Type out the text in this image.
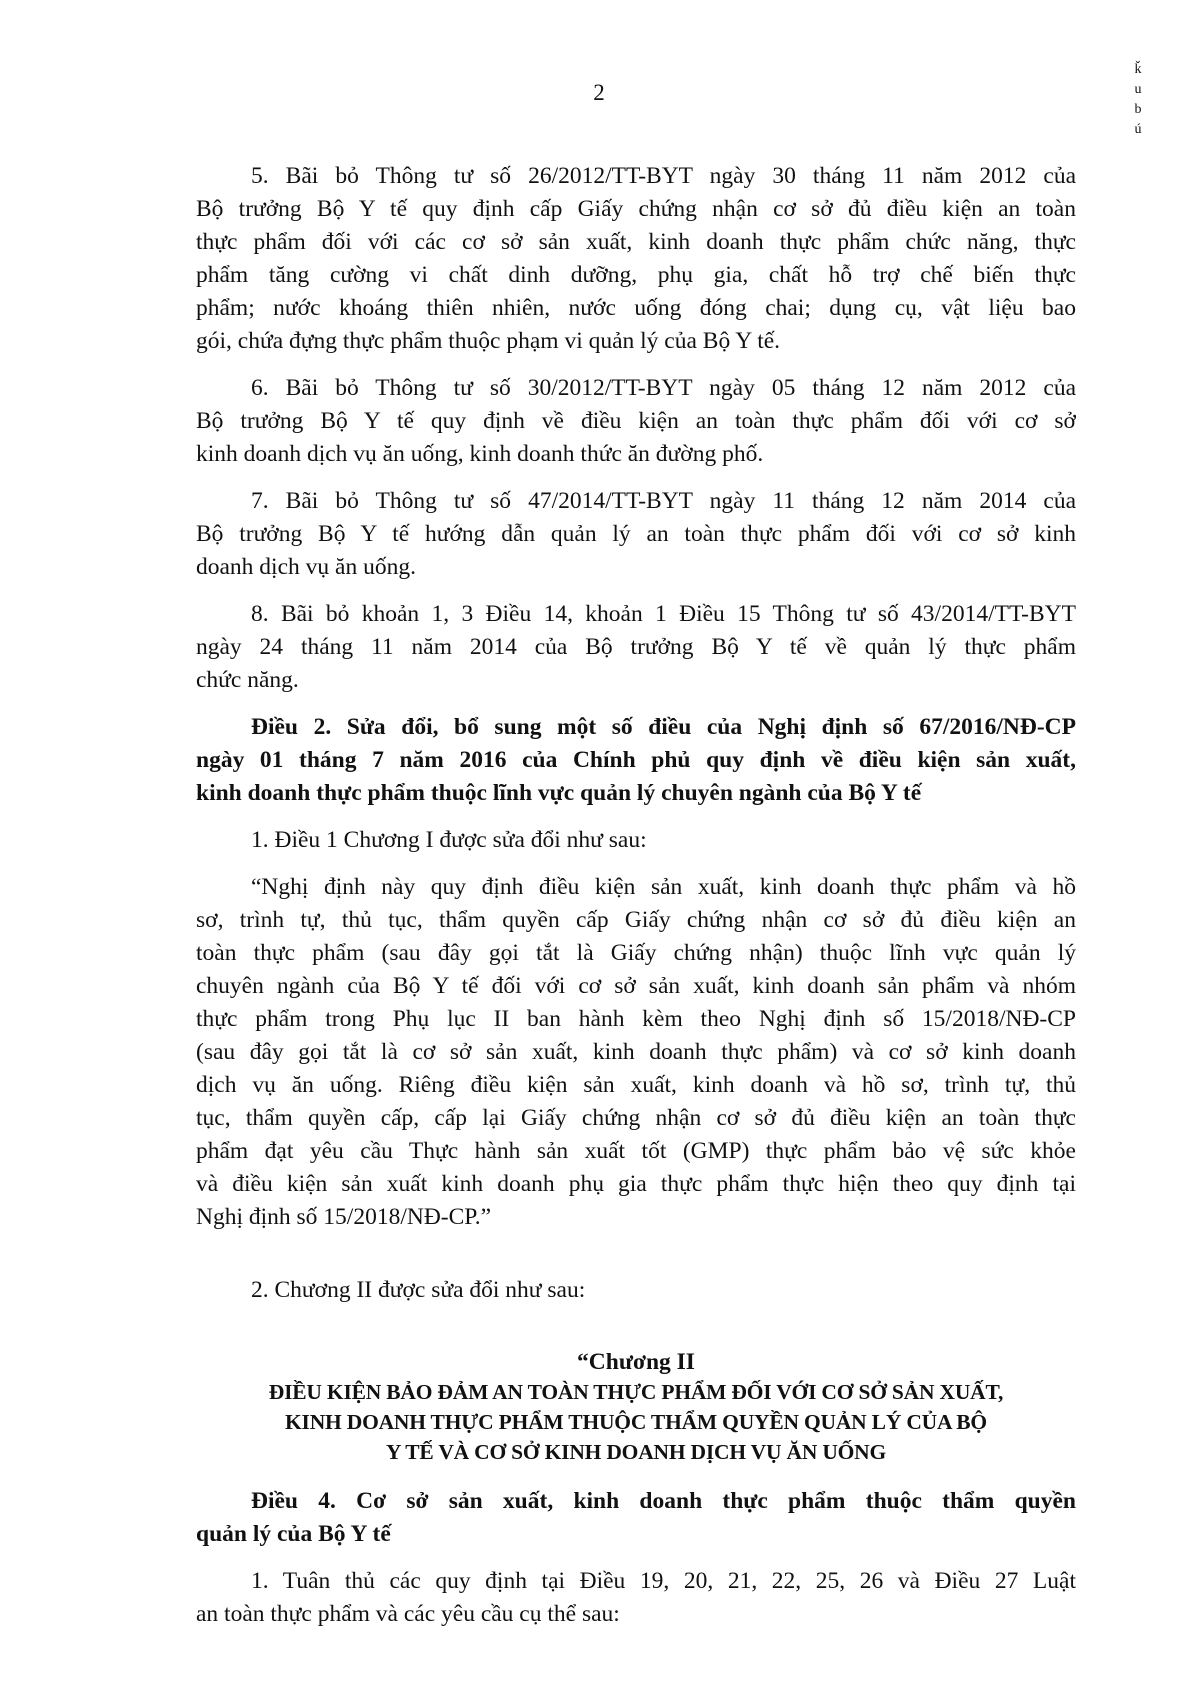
2
ǩ
u
b
ú
5. Bãi bỏ Thông tư số 26/2012/TT-BYT ngày 30 tháng 11 năm 2012 của
Bộ trưởng Bộ Y tế quy định cấp Giấy chứng nhận cơ sở đủ điều kiện an toàn
thực phẩm đối với các cơ sở sản xuất, kinh doanh thực phẩm chức năng, thực
phẩm tăng cường vi chất dinh dưỡng, phụ gia, chất hỗ trợ chế biến thực
phẩm; nước khoáng thiên nhiên, nước uống đóng chai; dụng cụ, vật liệu bao
gói, chứa đựng thực phẩm thuộc phạm vi quản lý của Bộ Y tế.
6. Bãi bỏ Thông tư số 30/2012/TT-BYT ngày 05 tháng 12 năm 2012 của
Bộ trưởng Bộ Y tế quy định về điều kiện an toàn thực phẩm đối với cơ sở
kinh doanh dịch vụ ăn uống, kinh doanh thức ăn đường phố.
7. Bãi bỏ Thông tư số 47/2014/TT-BYT ngày 11 tháng 12 năm 2014 của
Bộ trưởng Bộ Y tế hướng dẫn quản lý an toàn thực phẩm đối với cơ sở kinh
doanh dịch vụ ăn uống.
8. Bãi bỏ khoản 1, 3 Điều 14, khoản 1 Điều 15 Thông tư số 43/2014/TT-BYT
ngày 24 tháng 11 năm 2014 của Bộ trưởng Bộ Y tế về quản lý thực phẩm
chức năng.
Điều 2. Sửa đổi, bổ sung một số điều của Nghị định số 67/2016/NĐ-CP
ngày 01 tháng 7 năm 2016 của Chính phủ quy định về điều kiện sản xuất,
kinh doanh thực phẩm thuộc lĩnh vực quản lý chuyên ngành của Bộ Y tế
1. Điều 1 Chương I được sửa đổi như sau:
“Nghị định này quy định điều kiện sản xuất, kinh doanh thực phẩm và hồ
sơ, trình tự, thủ tục, thẩm quyền cấp Giấy chứng nhận cơ sở đủ điều kiện an
toàn thực phẩm (sau đây gọi tắt là Giấy chứng nhận) thuộc lĩnh vực quản lý
chuyên ngành của Bộ Y tế đối với cơ sở sản xuất, kinh doanh sản phẩm và nhóm
thực phẩm trong Phụ lục II ban hành kèm theo Nghị định số 15/2018/NĐ-CP
(sau đây gọi tắt là cơ sở sản xuất, kinh doanh thực phẩm) và cơ sở kinh doanh
dịch vụ ăn uống. Riêng điều kiện sản xuất, kinh doanh và hồ sơ, trình tự, thủ
tục, thẩm quyền cấp, cấp lại Giấy chứng nhận cơ sở đủ điều kiện an toàn thực
phẩm đạt yêu cầu Thực hành sản xuất tốt (GMP) thực phẩm bảo vệ sức khỏe
và điều kiện sản xuất kinh doanh phụ gia thực phẩm thực hiện theo quy định tại
Nghị định số 15/2018/NĐ-CP.”
2. Chương II được sửa đổi như sau:
“Chương II
ĐIỀU KIỆN BẢO ĐẢM AN TOÀN THỰC PHẨM ĐỐI VỚI CƠ SỞ SẢN XUẤT,
KINH DOANH THỰC PHẨM THUỘC THẨM QUYỀN QUẢN LÝ CỦA BỘ
Y TẾ VÀ CƠ SỞ KINH DOANH DỊCH VỤ ĂN UỐNG
Điều 4. Cơ sở sản xuất, kinh doanh thực phẩm thuộc thẩm quyền
quản lý của Bộ Y tế
1. Tuân thủ các quy định tại Điều 19, 20, 21, 22, 25, 26 và Điều 27 Luật
an toàn thực phẩm và các yêu cầu cụ thể sau:
